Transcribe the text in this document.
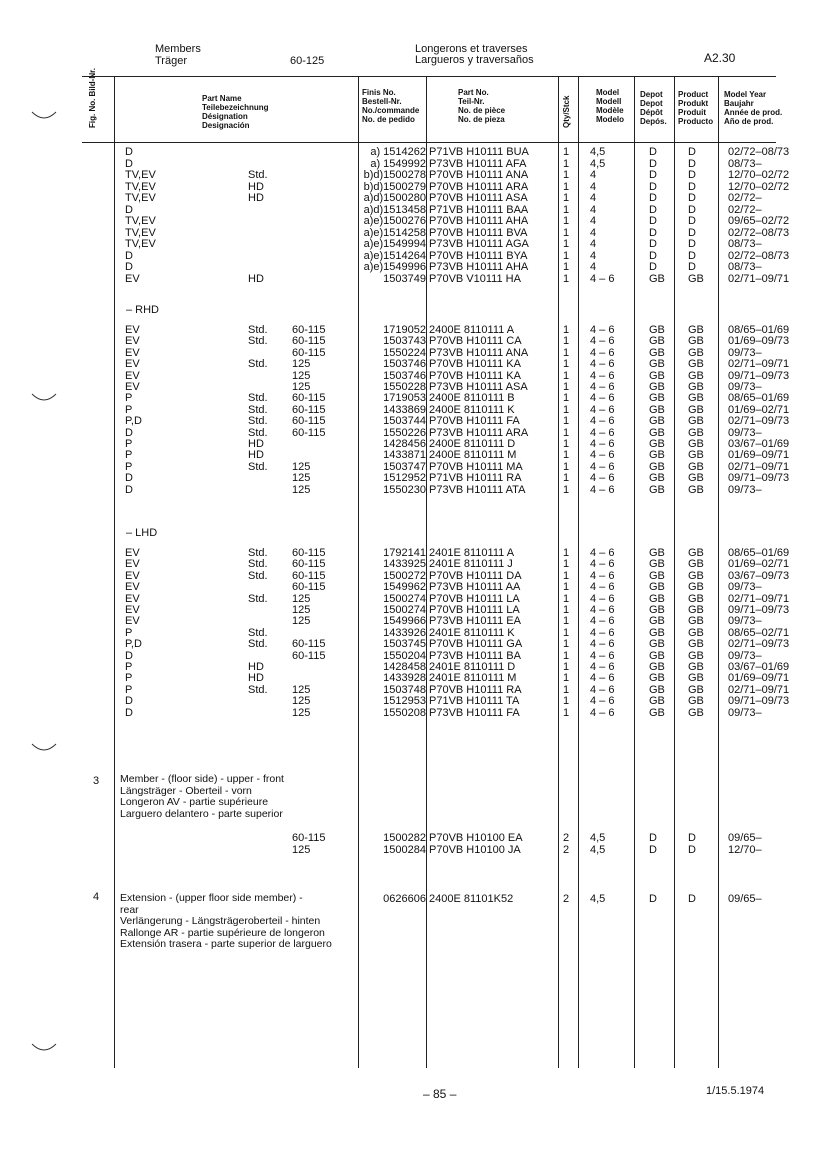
Members
Träger	60-125
Longerons et traverses
Largueros y traversaños	A2.30
Fig. No. Bild-Nr.	Part Name
Teilebezeichnung
Désignation
Designación
Finis No.
Bestell-Nr.
No./commande
No. de pedido
Part No.
Teil-Nr.
No. de pièce
No. de pieza	Qty/Stck
Model
Modell
Modèle
Modelo
Depot
Depot
Dépôt
Depós.
Product
Produkt
Produit
Producto
Model Year
Baujahr
Année de prod.
Año de prod.
D	a) 1514262 P71VB H10111 BUA	1 4,5	D	D	02/72–08/73
D	a) 1549992 P73VB H10111 AFA	1 4,5	D	D	08/73–
TV,EV	Std.	b)d)1500278 P70VB H10111 ANA	1 4	D	D	12/70–02/72
TV,EV	HD	b)d)1500279 P70VB H10111 ARA	1 4	D	D	12/70–02/72
TV,EV	HD	a)d)1500280 P70VB H10111 ASA	1 4	D	D	02/72–
D	a)d)1513458 P71VB H10111 BAA	1 4	D	D	02/72–
TV,EV	a)e)1500276 P70VB H10111 AHA	1 4	D	D	09/65–02/72
TV,EV	a)e)1514258 P70VB H10111 BVA	1 4	D	D	02/72–08/73
TV,EV	a)e)1549994 P73VB H10111 AGA	1 4	D	D	08/73–
D	a)e)1514264 P70VB H10111 BYA	1 4	D	D	02/72–08/73
D	a)e)1549996 P73VB H10111 AHA	1 4	D	D	08/73–
EV	HD	1503749 P70VB V10111 HA	1 4 – 6	GB GB 02/71–09/71
– RHD
EV	Std. 60-115	1719052 2400E 8110111 A	1 4 – 6	GB GB 08/65–01/69
EV	Std. 60-115	1503743 P70VB H10111 CA	1 4 – 6	GB GB 01/69–09/73
EV	60-115	1550224 P73VB H10111 ANA	1 4 – 6	GB GB 09/73–
EV	Std. 125	1503746 P70VB H10111 KA	1 4 – 6	GB GB 02/71–09/71
EV	125	1503746 P70VB H10111 KA	1 4 – 6	GB GB 09/71–09/73
EV	125	1550228 P73VB H10111 ASA	1 4 – 6	GB GB 09/73–
P	Std. 60-115	1719053 2400E 8110111 B	1 4 – 6	GB GB 08/65–01/69
P	Std. 60-115	1433869 2400E 8110111 K	1 4 – 6	GB GB 01/69–02/71
P,D	Std. 60-115	1503744 P70VB H10111 FA	1 4 – 6	GB GB 02/71–09/73
D	Std. 60-115	1550226 P73VB H10111 ARA	1 4 – 6	GB GB 09/73–
P	HD	1428456 2400E 8110111 D	1 4 – 6	GB GB 03/67–01/69
P	HD	1433871 2400E 8110111 M	1 4 – 6	GB GB 01/69–09/71
P	Std. 125	1503747 P70VB H10111 MA	1 4 – 6	GB GB 02/71–09/71
D	125	1512952 P71VB H10111 RA	1 4 – 6	GB GB 09/71–09/73
D	125	1550230 P73VB H10111 ATA	1 4 – 6	GB GB 09/73–
– LHD
EV	Std. 60-115	1792141 2401E 8110111 A	1 4 – 6	GB GB 08/65–01/69
EV	Std. 60-115	1433925 2401E 8110111 J	1 4 – 6	GB GB 01/69–02/71
EV	Std. 60-115	1500272 P70VB H10111 DA	1 4 – 6	GB GB 03/67–09/73
EV	60-115	1549962 P73VB H10111 AA	1 4 – 6	GB GB 09/73–
EV	Std. 125	1500274 P70VB H10111 LA	1 4 – 6	GB GB 02/71–09/71
EV	125	1500274 P70VB H10111 LA	1 4 – 6	GB GB 09/71–09/73
EV	125	1549966 P73VB H10111 EA	1 4 – 6	GB GB 09/73–
P	Std.	1433926 2401E 8110111 K	1 4 – 6	GB GB 08/65–02/71
P,D	Std. 60-115	1503745 P70VB H10111 GA	1 4 – 6	GB GB 02/71–09/73
D	60-115	1550204 P73VB H10111 BA	1 4 – 6	GB GB 09/73–
P	HD	1428458 2401E 8110111 D	1 4 – 6	GB GB 03/67–01/69
P	HD	1433928 2401E 8110111 M	1 4 – 6	GB GB 01/69–09/71
P	Std. 125	1503748 P70VB H10111 RA	1 4 – 6	GB GB 02/71–09/71
D	125	1512953 P71VB H10111 TA	1 4 – 6	GB GB 09/71–09/73
D	125	1550208 P73VB H10111 FA	1 4 – 6	GB GB 09/73–
3 Member - (floor side) - upper - front
Längsträger - Oberteil - vorn
Longeron AV - partie supérieure
Larguero delantero - parte superior
60-115	1500282 P70VB H10100 EA	2 4,5	D	D	09/65–
125	1500284 P70VB H10100 JA	2 4,5	D	D	12/70–
4 Extension - (upper floor side member) -
rear
Verlängerung - Längsträgeroberteil - hinten
Rallonge AR - partie supérieure de longeron
Extensión trasera - parte superior de larguero
0626606 2400E 81101K52	2 4,5	D	D	09/65–
– 85 –	1/15.5.1974
